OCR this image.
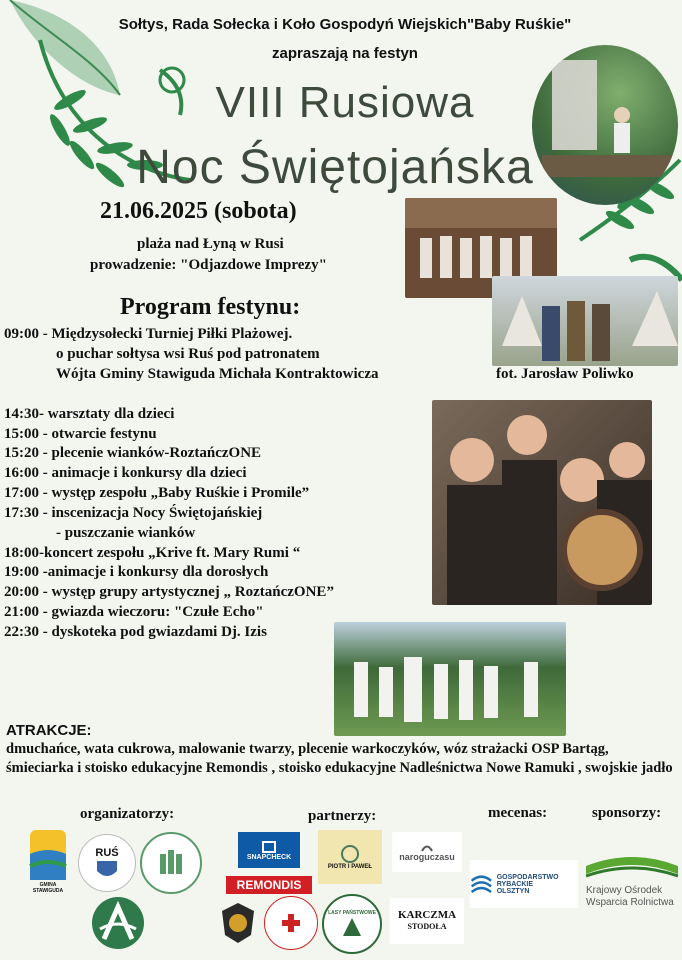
Sołtys, Rada Sołecka i Koło Gospodyń Wiejskich"Baby Ruśkie"
zapraszają na festyn
VIII Rusiowa
Noc Świętojańska
21.06.2025 (sobota)
plaża nad Łyną w Rusi
prowadzenie: "Odjazdowe Imprezy"
Program festynu:
09:00 - Międzysołecki Turniej Piłki Plażowej.
o puchar sołtysa wsi Ruś pod patronatem
Wójta Gminy Stawiguda Michała Kontraktowicza	fot. Jarosław Poliwko
14:30- warsztaty dla dzieci
15:00 - otwarcie festynu
15:20 - plecenie wianków-RoztańczONE
16:00 - animacje i konkursy dla dzieci
17:00 - występ zespołu „Baby Ruśkie i Promile”
17:30 - inscenizacja Nocy Świętojańskiej
- puszczanie wianków
18:00-koncert zespołu „Krive ft. Mary Rumi “
19:00 -animacje i konkursy dla dorosłych
20:00 - występ grupy artystycznej „ RoztańczONE”
21:00 - gwiazda wieczoru: "Czułe Echo"
22:30 - dyskoteka pod gwiazdami Dj. Izis
ATRAKCJE:
dmuchańce, wata cukrowa, malowanie twarzy, plecenie warkoczyków, wóz strażacki OSP Bartąg, śmieciarka i stoisko edukacyjne Remondis , stoisko edukacyjne Nadleśnictwa Nowe Ramuki , swojskie jadło
organizatorzy:	partnerzy:	mecenas:	sponsorzy:
GMINA STAWIGUDA
RUŚ	SNAPCHECK
PIOTR I PAWEŁ
naroguczasu
REMONDIS
LASY PAŃSTWOWE KARCZMA
STODOŁA
GOSPODARSTWO RYBACKIE
OLSZTYN	Krajowy Ośrodek
Wsparcia Rolnictwa
